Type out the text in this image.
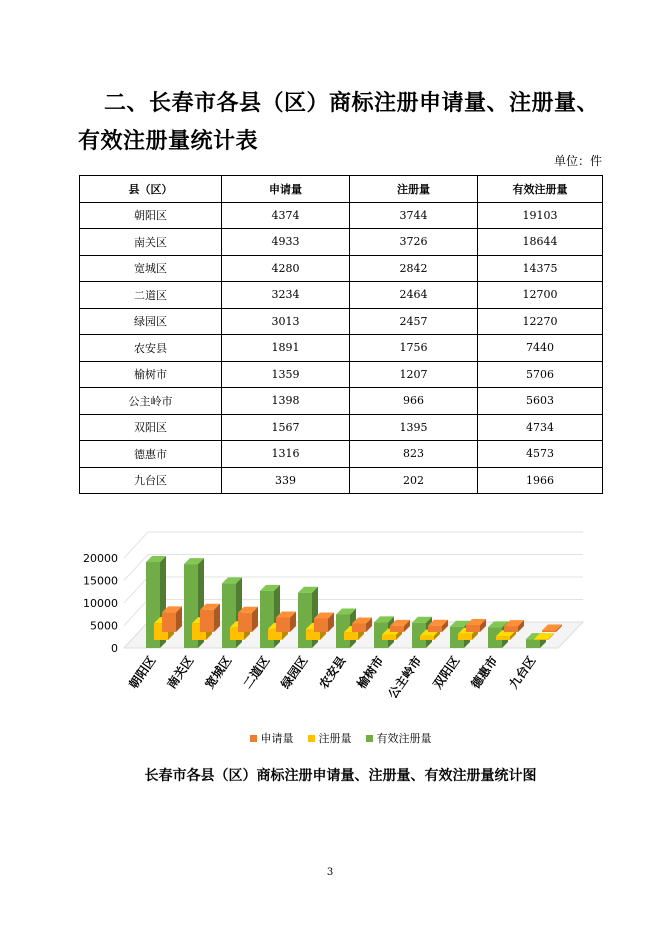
二、长春市各县（区）商标注册申请量、注册量、有效注册量统计表
单位：件
县（区）	申请量	注册量	有效注册量
朝阳区	4374	3744	19103
南关区	4933	3726	18644
宽城区	4280	2842	14375
二道区	3234	2464	12700
绿园区	3013	2457	12270
农安县	1891	1756	7440
榆树市	1359	1207	5706
公主岭市	1398	966	5603
双阳区	1567	1395	4734
德惠市	1316	823	4573
九台区	339	202	1966
20000
15000
10000
5000
0
朝阳区 南关区 宽城区 二道区 绿园区 农安县 榆树市
公主岭市 双阳区 德惠市 九台区
申请量 注册量 有效注册量
长春市各县（区）商标注册申请量、注册量、有效注册量统计图
3
